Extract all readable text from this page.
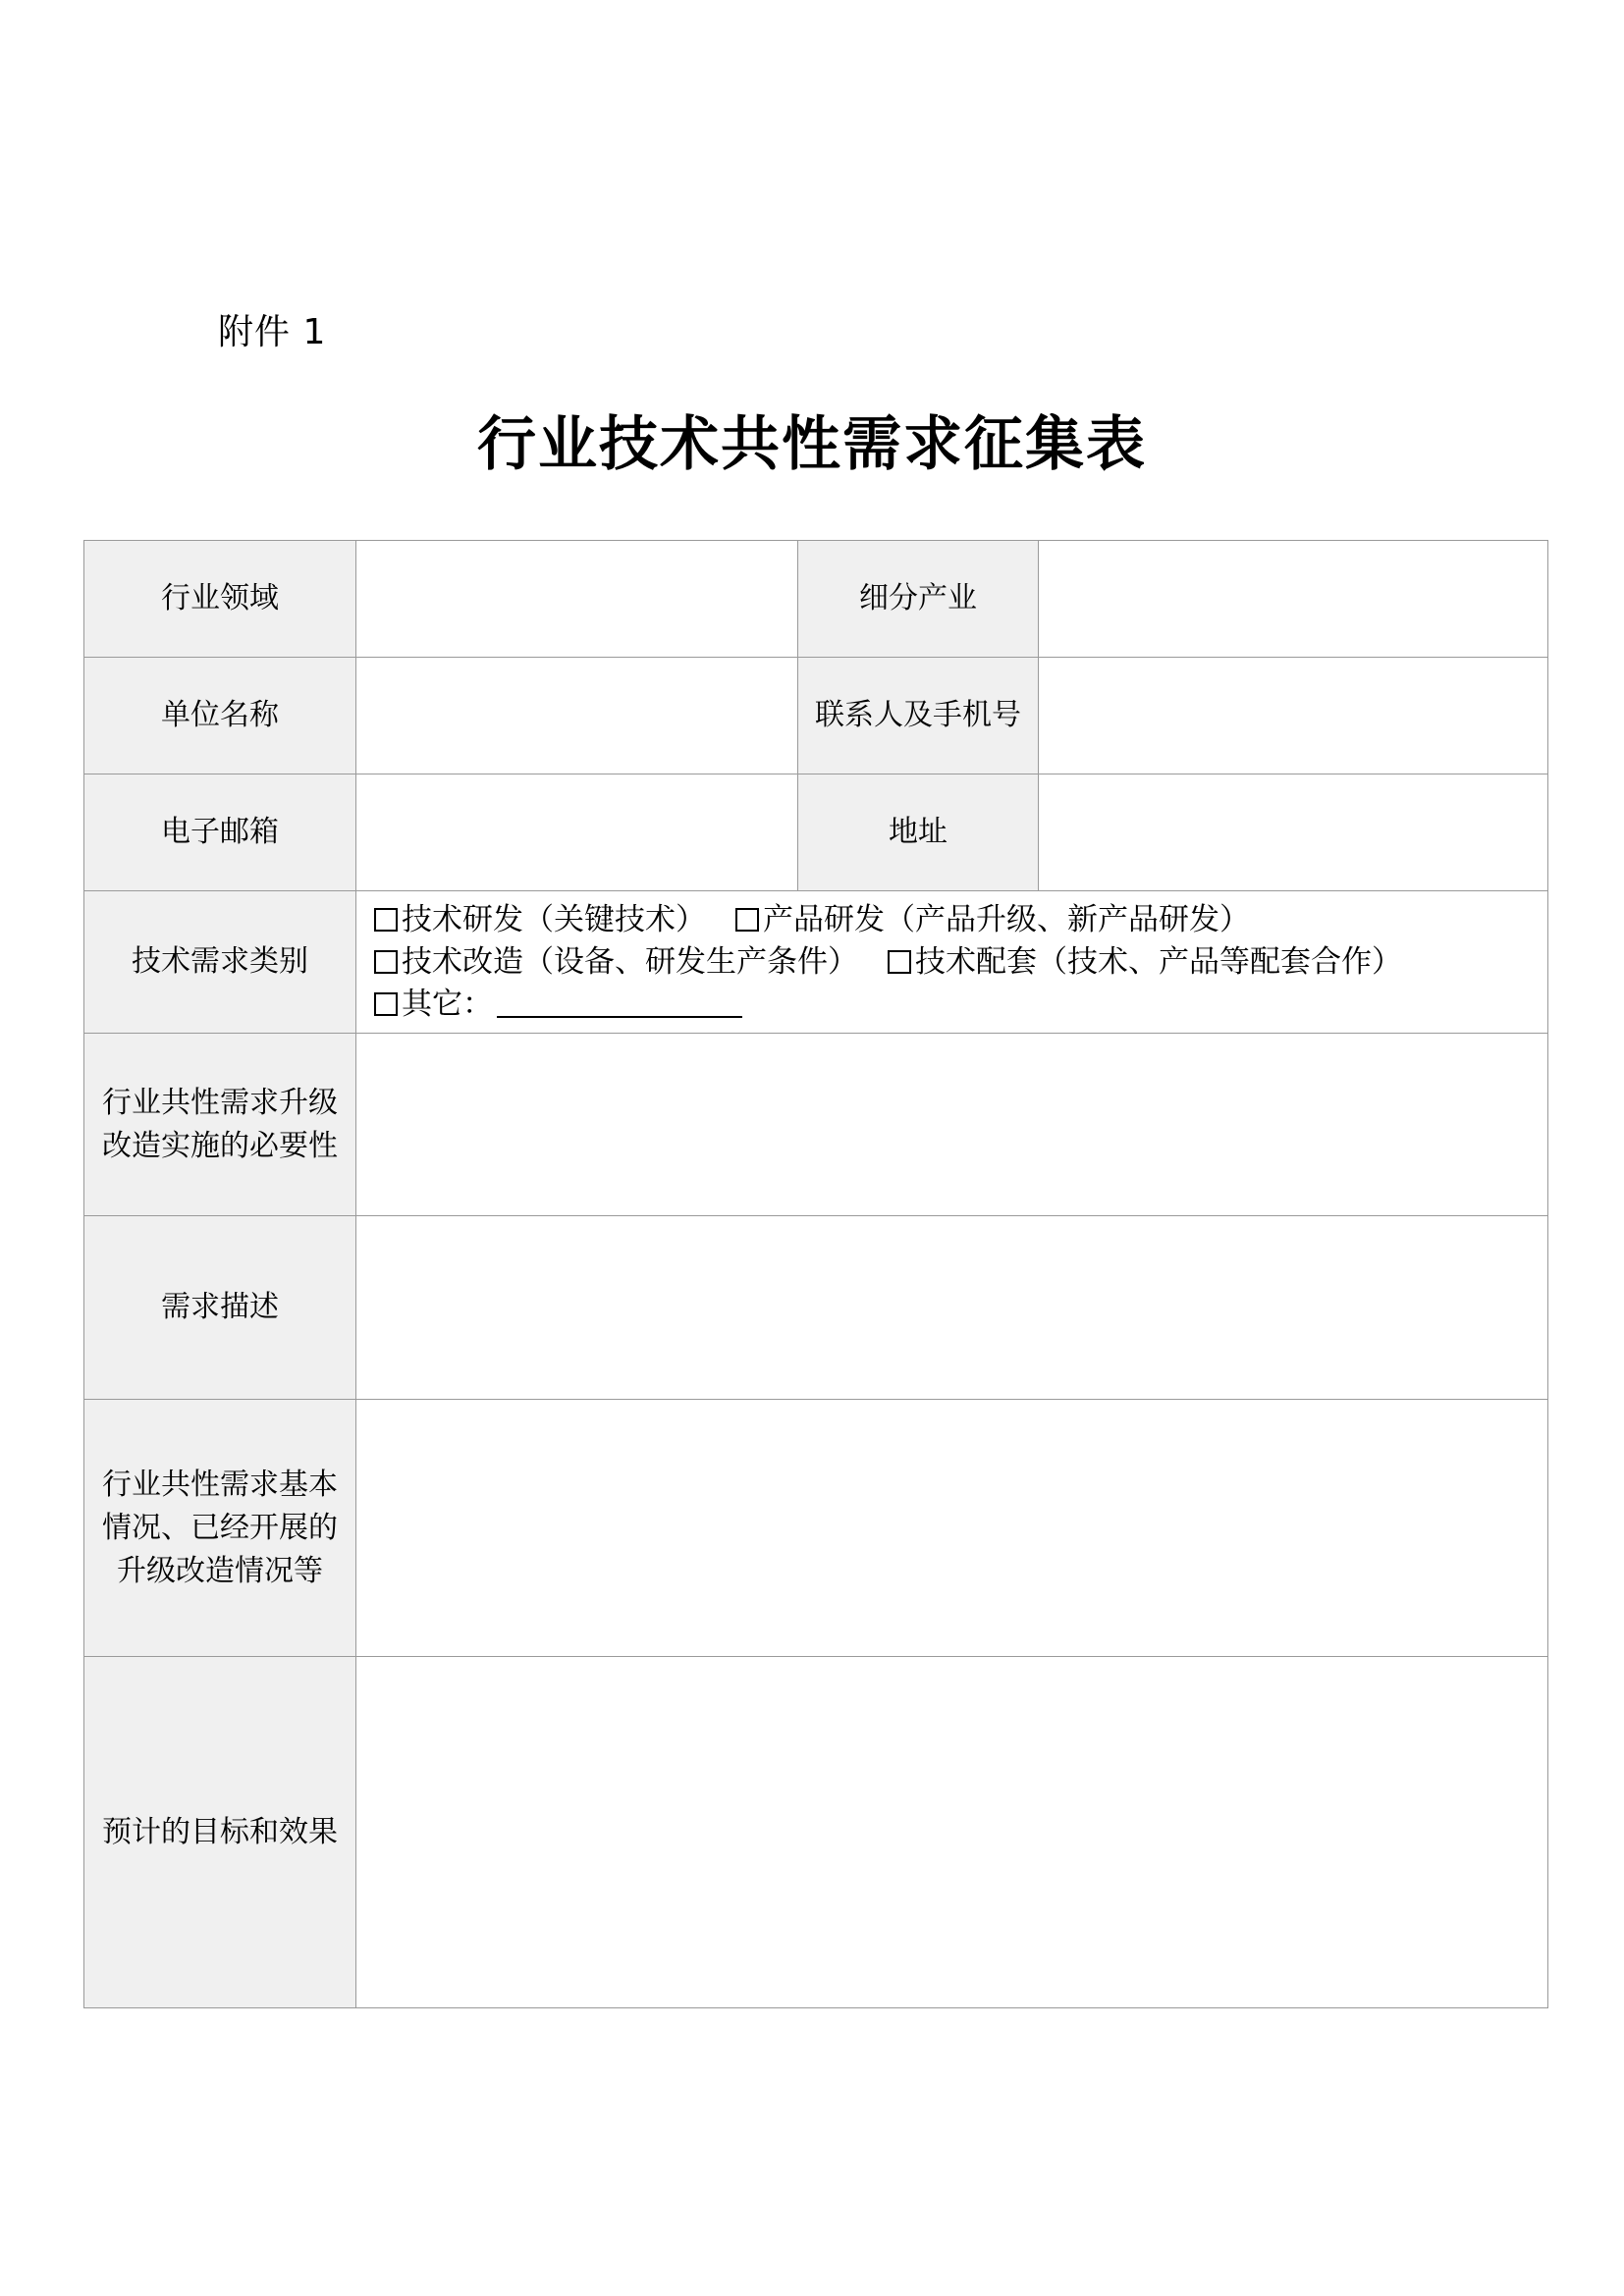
附件 1
行业技术共性需求征集表
行业领域		细分产业	
单位名称		联系人及手机号	
电子邮箱		地址	
技术需求类别	技术研发（关键技术） 产品研发（产品升级、新产品研发）
技术改造（设备、研发生产条件） 技术配套（技术、产品等配套合作）
其它：		

行业共性需求升级
改造实施的必要性			

需求描述			

行业共性需求基本
情况、已经开展的
升级改造情况等			

预计的目标和效果			
